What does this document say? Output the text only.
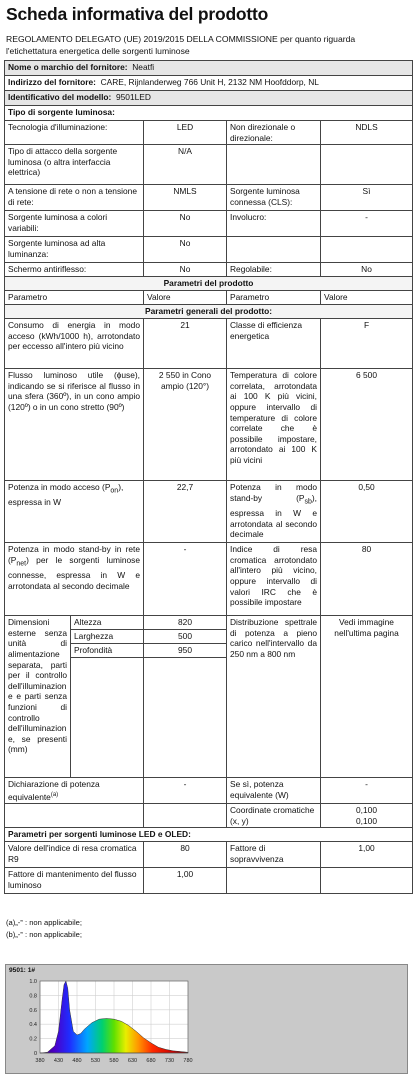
Scheda informativa del prodotto
REGOLAMENTO DELEGATO (UE) 2019/2015 DELLA COMMISSIONE per quanto riguarda l'etichettatura energetica delle sorgenti luminose
Nome o marchio del fornitore: Neatfi				
Indirizzo del fornitore: CARE, Rijnlanderweg 766 Unit H, 2132 NM Hoofddorp, NL				
Identificativo del modello: 9501LED				
Tipo di sorgente luminosa:				
Tecnologia d'illuminazione:		LED	Non direzionale o direzionale:	NDLS
Tipo di attacco della sorgente luminosa (o altra interfaccia elettrica)		N/A		
A tensione di rete o non a tensione di rete:		NMLS	Sorgente luminosa connessa (CLS):	Sì
Sorgente luminosa a colori variabili:		No	Involucro:	-
Sorgente luminosa ad alta luminanza:		No		
Schermo antiriflesso:		No	Regolabile:	No
Parametri del prodotto				
Parametro		Valore	Parametro	Valore
Parametri generali del prodotto:				
Consumo di energia in modo acceso (kWh/1000 h), arrotondato per eccesso all'intero più vicino		21	Classe di efficienza energetica	F
Flusso luminoso utile (ɸuse), indicando se si riferisce al flusso in una sfera (360º), in un cono ampio (120º) o in un cono stretto (90º)		2 550 in Cono ampio (120°)	Temperatura di colore correlata, arrotondata ai 100 K più vicini, oppure intervallo di temperature di colore correlate che è possibile impostare, arrotondato ai 100 K più vicini	6 500
Potenza in modo acceso $(P_{on})$, espressa in W		22,7	Potenza in modo stand-by $(P_{sb})$, espressa in W e arrotondata al secondo decimale	0,50
Potenza in modo stand-by in rete $(P_{net})$ per le sorgenti luminose connesse, espressa in W e arrotondata al secondo decimale		-	Indice di resa cromatica arrotondato all'intero più vicino, oppure intervallo di valori IRC che è possibile impostare	80
Dimensioni esterne senza unità di alimentazione separata, parti per il controllo dell'illuminazione e parti senza funzioni di controllo dell'illuminazione, se presenti (mm)	Altezza	820	Distribuzione spettrale di potenza a pieno carico nell'intervallo da 250 nm a 800 nm	Vedi immagine nell'ultima pagina
	Larghezza	500		
	Profondità	950		

Dichiarazione di potenza equivalente$^{(a)}$		-	Se sì, potenza equivalente (W)	-
			Coordinate cromatiche (x, y)	0,100
0,100

Parametri per sorgenti luminose LED e OLED:				
Valore dell'indice di resa cromatica R9		80	Fattore di sopravvivenza	1,00
Fattore di mantenimento del flusso luminoso		1,00		
(a)„-‟ : non applicabile;
(b)„-‟ : non applicabile;
9501: 1#
0
0.2
0.4
0.6
0.8
1.0
380 430 480 530 580 630 680 730 780
